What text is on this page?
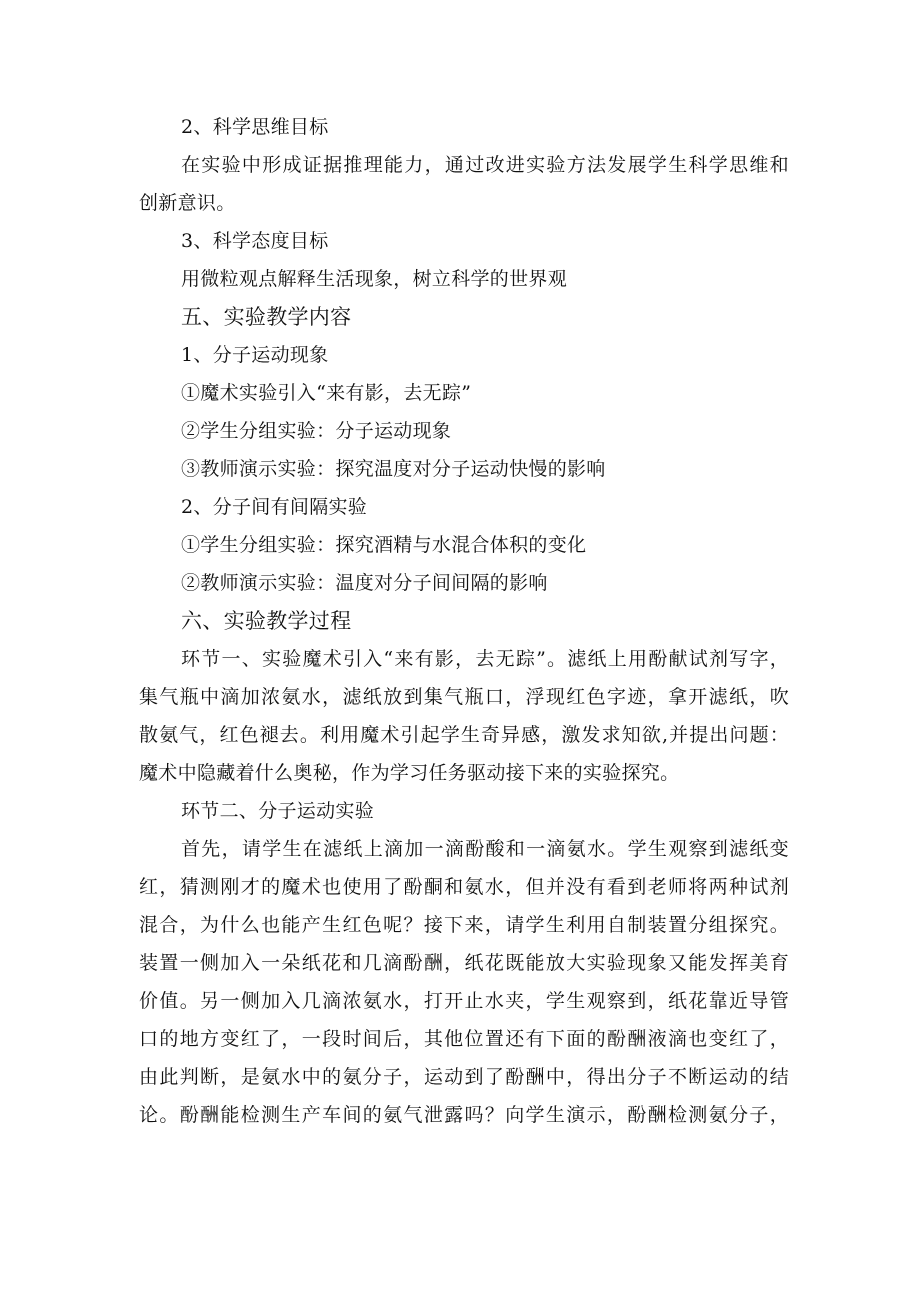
2、科学思维目标
在实验中形成证据推理能力，通过改进实验方法发展学生科学思维和
创新意识。
3、科学态度目标
用微粒观点解释生活现象，树立科学的世界观
五、实验教学内容
1、分子运动现象
①魔术实验引入“来有影，去无踪”
②学生分组实验：分子运动现象
③教师演示实验：探究温度对分子运动快慢的影响
2、分子间有间隔实验
①学生分组实验：探究酒精与水混合体积的变化
②教师演示实验：温度对分子间间隔的影响
六、实验教学过程
环节一、实验魔术引入“来有影，去无踪”。滤纸上用酚献试剂写字，
集气瓶中滴加浓氨水，滤纸放到集气瓶口，浮现红色字迹，拿开滤纸，吹
散氨气，红色褪去。利用魔术引起学生奇异感，激发求知欲,并提出问题：
魔术中隐藏着什么奥秘，作为学习任务驱动接下来的实验探究。
环节二、分子运动实验
首先，请学生在滤纸上滴加一滴酚酸和一滴氨水。学生观察到滤纸变
红，猜测刚才的魔术也使用了酚酮和氨水，但并没有看到老师将两种试剂
混合，为什么也能产生红色呢？接下来，请学生利用自制装置分组探究。
装置一侧加入一朵纸花和几滴酚酬，纸花既能放大实验现象又能发挥美育
价值。另一侧加入几滴浓氨水，打开止水夹，学生观察到，纸花靠近导管
口的地方变红了，一段时间后，其他位置还有下面的酚酬液滴也变红了，
由此判断，是氨水中的氨分子，运动到了酚酬中，得出分子不断运动的结
论。酚酬能检测生产车间的氨气泄露吗？向学生演示，酚酬检测氨分子，
